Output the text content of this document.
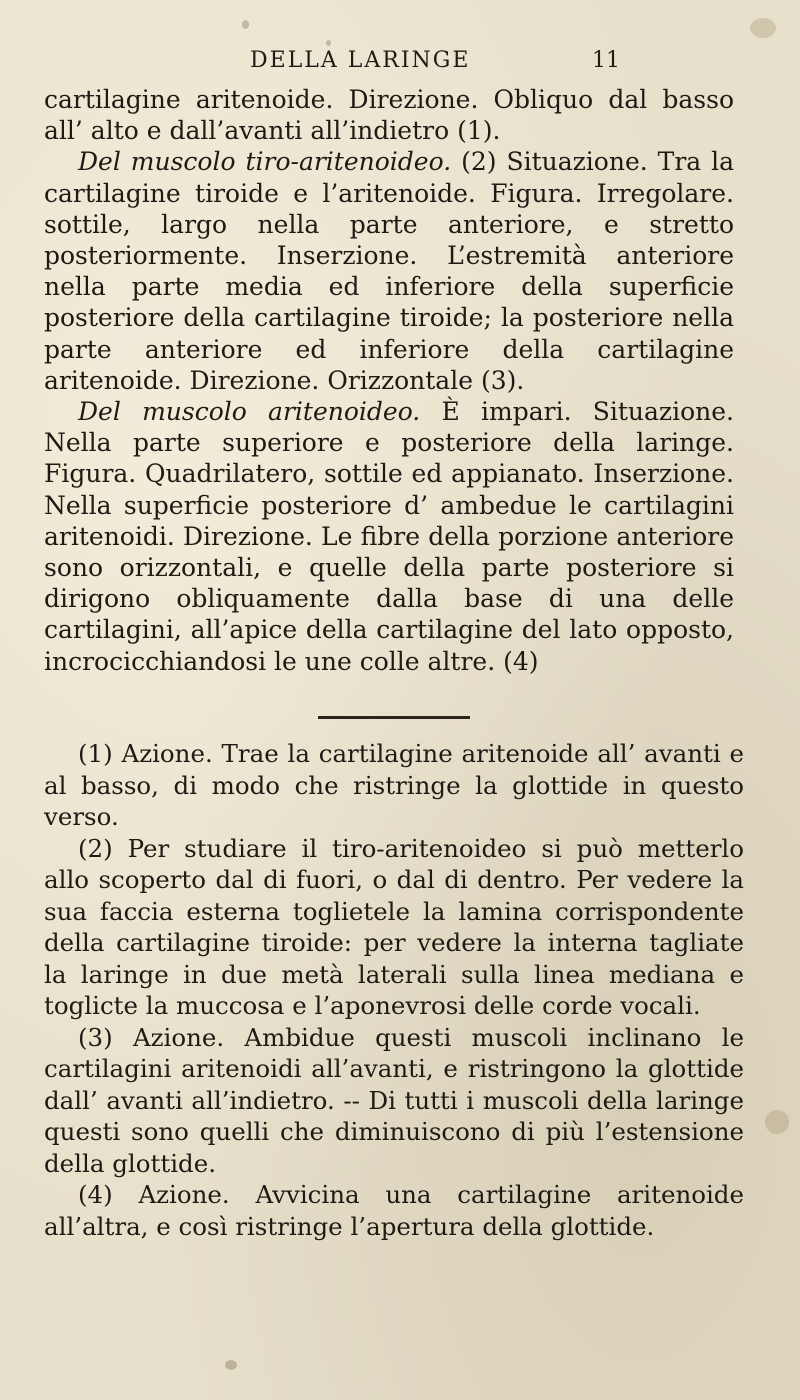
DELLA LARINGE	11

cartilagine aritenoide. Direzione. Obliquo dal basso all’ alto e dall’avanti all’indietro (1).

Del muscolo tiro-aritenoideo. (2) Situazione. Tra la cartilagine tiroide e l’aritenoide. Figura. Irregolare. sottile, largo nella parte anteriore, e stretto posteriormente. Inserzione. L’estremità anteriore nella parte media ed inferiore della superficie posteriore della cartilagine tiroide; la posteriore nella parte anteriore ed inferiore della cartilagine aritenoide. Direzione. Orizzontale (3).

Del muscolo aritenoideo. È impari. Situazione. Nella parte superiore e posteriore della laringe. Figura. Quadrilatero, sottile ed appianato. Inserzione. Nella superficie posteriore d’ ambedue le cartilagini aritenoidi. Direzione. Le fibre della porzione anteriore sono orizzontali, e quelle della parte posteriore si dirigono obliquamente dalla base di una delle cartilagini, all’apice della cartilagine del lato opposto, incrocicchiandosi le une colle altre. (4)

(1) Azione. Trae la cartilagine aritenoide all’ avanti e al basso, di modo che ristringe la glottide in questo verso.

(2) Per studiare il tiro-aritenoideo si può metterlo allo scoperto dal di fuori, o dal di dentro. Per vedere la sua faccia esterna toglietele la lamina corrispondente della cartilagine tiroide: per vedere la interna tagliate la laringe in due metà laterali sulla linea mediana e toglicte la muccosa e l’aponevrosi delle corde vocali.

(3) Azione. Ambidue questi muscoli inclinano le cartilagini aritenoidi all’avanti, e ristringono la glottide dall’ avanti all’indietro. -- Di tutti i muscoli della laringe questi sono quelli che diminuiscono di più l’estensione della glottide.

(4) Azione. Avvicina una cartilagine aritenoide all’altra, e così ristringe l’apertura della glottide.
